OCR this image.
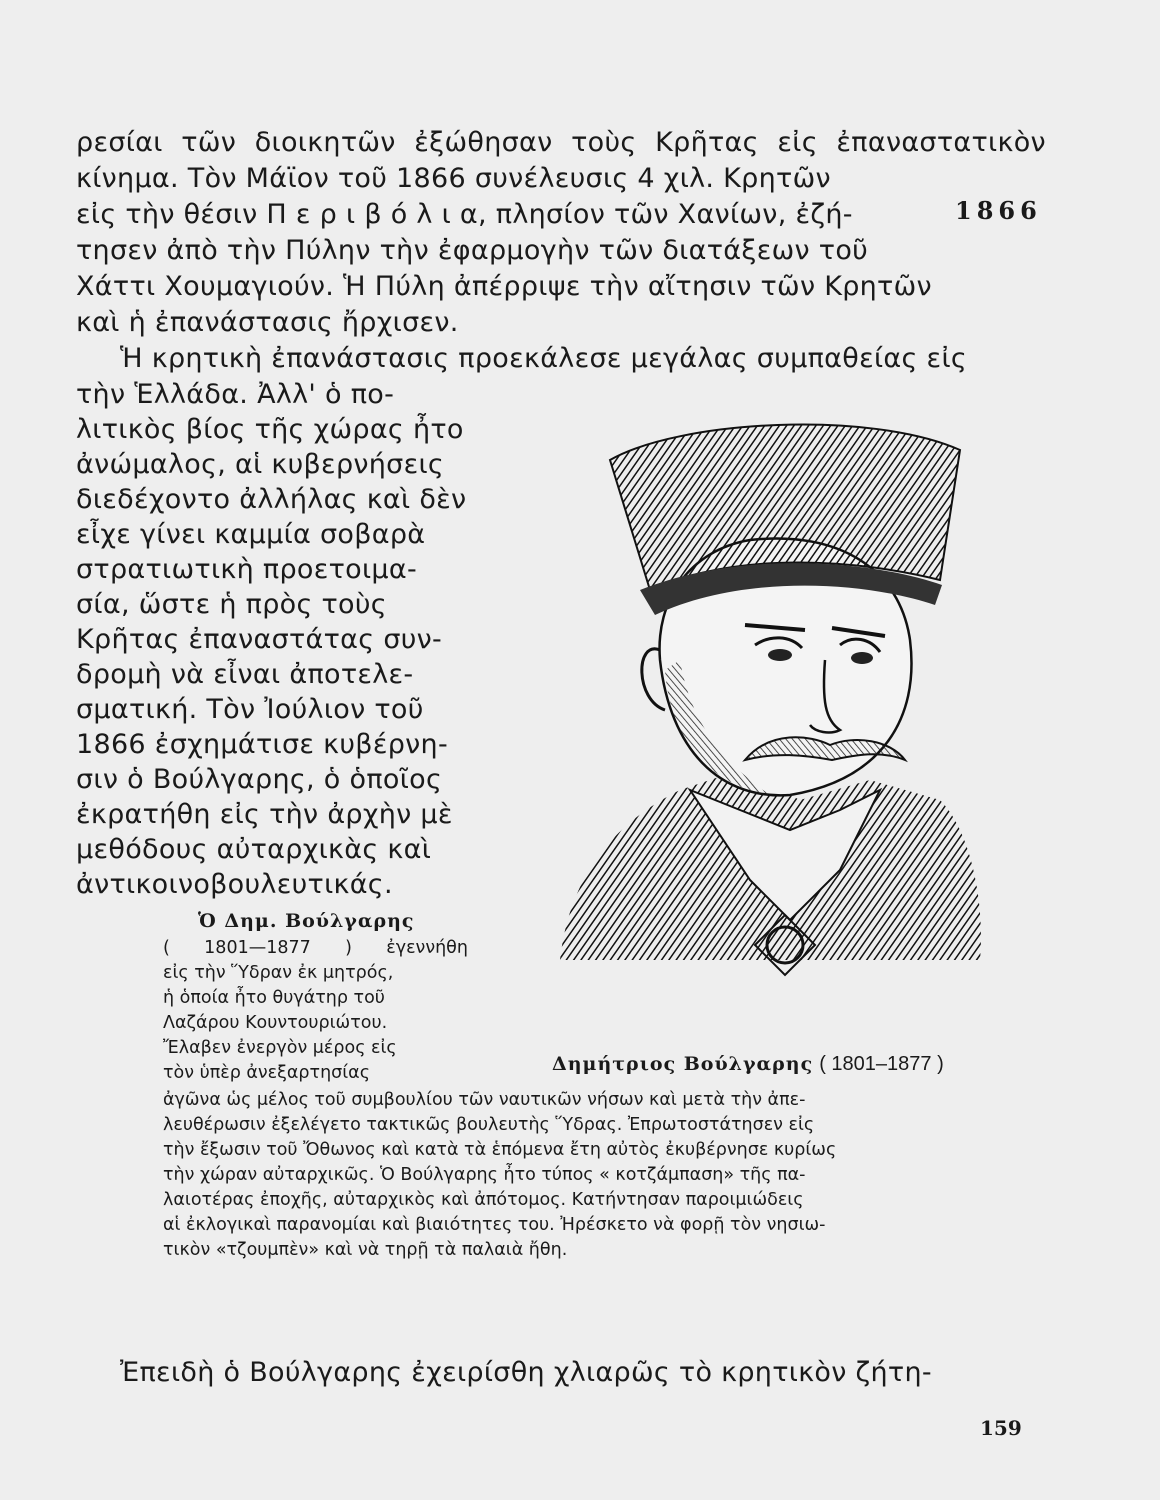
ρεσίαι τῶν διοικητῶν ἐξώθησαν τοὺς Κρῆτας εἰς ἐπαναστατικὸν
κίνημα. Τὸν Μάϊον τοῦ 1866 συνέλευσις 4 χιλ. Κρητῶν
εἰς τὴν θέσιν Π ε ρ ι β ό λ ι α, πλησίον τῶν Χανίων, ἐζή-
τησεν ἀπὸ τὴν Πύλην τὴν ἐφαρμογὴν τῶν διατάξεων τοῦ
Χάττι Χουμαγιούν. Ἡ Πύλη ἀπέρριψε τὴν αἴτησιν τῶν Κρητῶν
καὶ ἡ ἐπανάστασις ἤρχισεν.
Ἡ κρητικὴ ἐπανάστασις προεκάλεσε μεγάλας συμπαθείας εἰς
1866
τὴν Ἑλλάδα. Ἀλλ' ὁ πο-
λιτικὸς βίος τῆς χώρας ἦτο
ἀνώμαλος, αἱ κυβερνήσεις
διεδέχοντο ἀλλήλας καὶ δὲν
εἶχε γίνει καμμία σοβαρὰ
στρατιωτικὴ προετοιμα-
σία, ὥστε ἡ πρὸς τοὺς
Κρῆτας ἐπαναστάτας συν-
δρομὴ νὰ εἶναι ἀποτελε-
σματική. Τὸν Ἰούλιον τοῦ
1866 ἐσχημάτισε κυβέρνη-
σιν ὁ Βούλγαρης, ὁ ὁποῖος
ἐκρατήθη εἰς τὴν ἀρχὴν μὲ
μεθόδους αὐταρχικὰς καὶ
ἀντικοινοβουλευτικάς.
Δημήτριος Βούλγαρης ( 1801–1877 )
Ὁ Δημ. Βούλγαρης
( 1801—1877 ) ἐγεννήθη
εἰς τὴν Ὕδραν ἐκ μητρός,
ἡ ὁποία ἦτο θυγάτηρ τοῦ
Λαζάρου Κουντουριώτου.
Ἔλαβεν ἐνεργὸν μέρος εἰς
τὸν ὑπὲρ ἀνεξαρτησίας
ἀγῶνα ὡς μέλος τοῦ συμβουλίου τῶν ναυτικῶν νήσων καὶ μετὰ τὴν ἀπε-
λευθέρωσιν ἐξελέγετο τακτικῶς βουλευτὴς Ὕδρας. Ἐπρωτοστάτησεν εἰς
τὴν ἔξωσιν τοῦ Ὄθωνος καὶ κατὰ τὰ ἑπόμενα ἔτη αὐτὸς ἐκυβέρνησε κυρίως
τὴν χώραν αὐταρχικῶς. Ὁ Βούλγαρης ἦτο τύπος « κοτζάμπαση» τῆς πα-
λαιοτέρας ἐποχῆς, αὐταρχικὸς καὶ ἀπότομος. Κατήντησαν παροιμιώδεις
αἱ ἐκλογικαὶ παρανομίαι καὶ βιαιότητες του. Ἠρέσκετο νὰ φορῇ τὸν νησιω-
τικὸν «τζουμπὲν» καὶ νὰ τηρῇ τὰ παλαιὰ ἤθη.
Ἐπειδὴ ὁ Βούλγαρης ἐχειρίσθη χλιαρῶς τὸ κρητικὸν ζήτη-
159
